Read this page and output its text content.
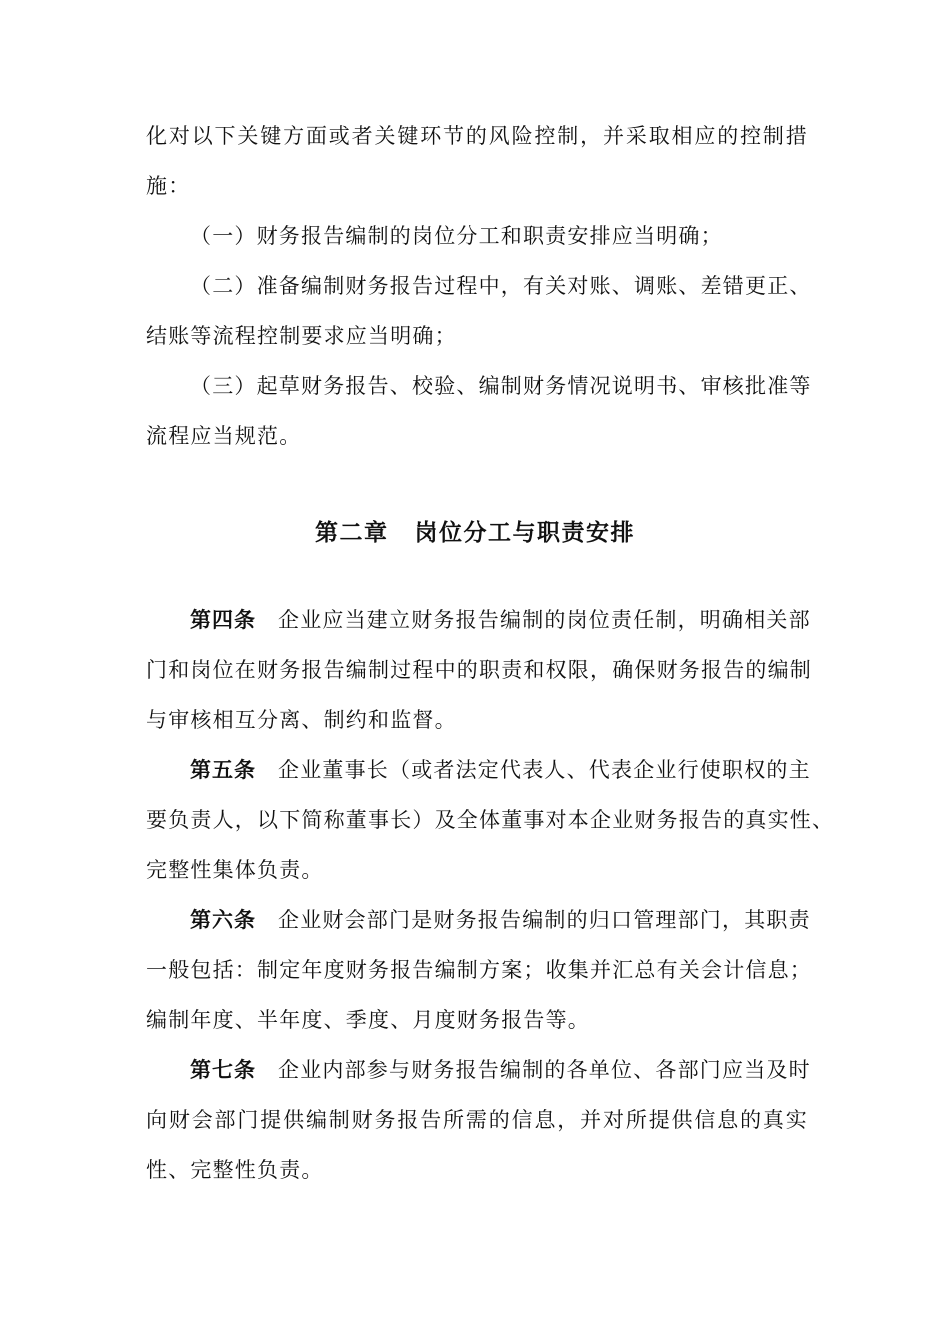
化对以下关键方面或者关键环节的风险控制，并采取相应的控制措
施：
（一）财务报告编制的岗位分工和职责安排应当明确；
（二）准备编制财务报告过程中，有关对账、调账、差错更正、
结账等流程控制要求应当明确；
（三）起草财务报告、校验、编制财务情况说明书、审核批准等
流程应当规范。
第二章 岗位分工与职责安排
第四条 企业应当建立财务报告编制的岗位责任制，明确相关部
门和岗位在财务报告编制过程中的职责和权限，确保财务报告的编制
与审核相互分离、制约和监督。
第五条 企业董事长（或者法定代表人、代表企业行使职权的主
要负责人，以下简称董事长）及全体董事对本企业财务报告的真实性、
完整性集体负责。
第六条 企业财会部门是财务报告编制的归口管理部门，其职责
一般包括：制定年度财务报告编制方案；收集并汇总有关会计信息；
编制年度、半年度、季度、月度财务报告等。
第七条 企业内部参与财务报告编制的各单位、各部门应当及时
向财会部门提供编制财务报告所需的信息，并对所提供信息的真实
性、完整性负责。
